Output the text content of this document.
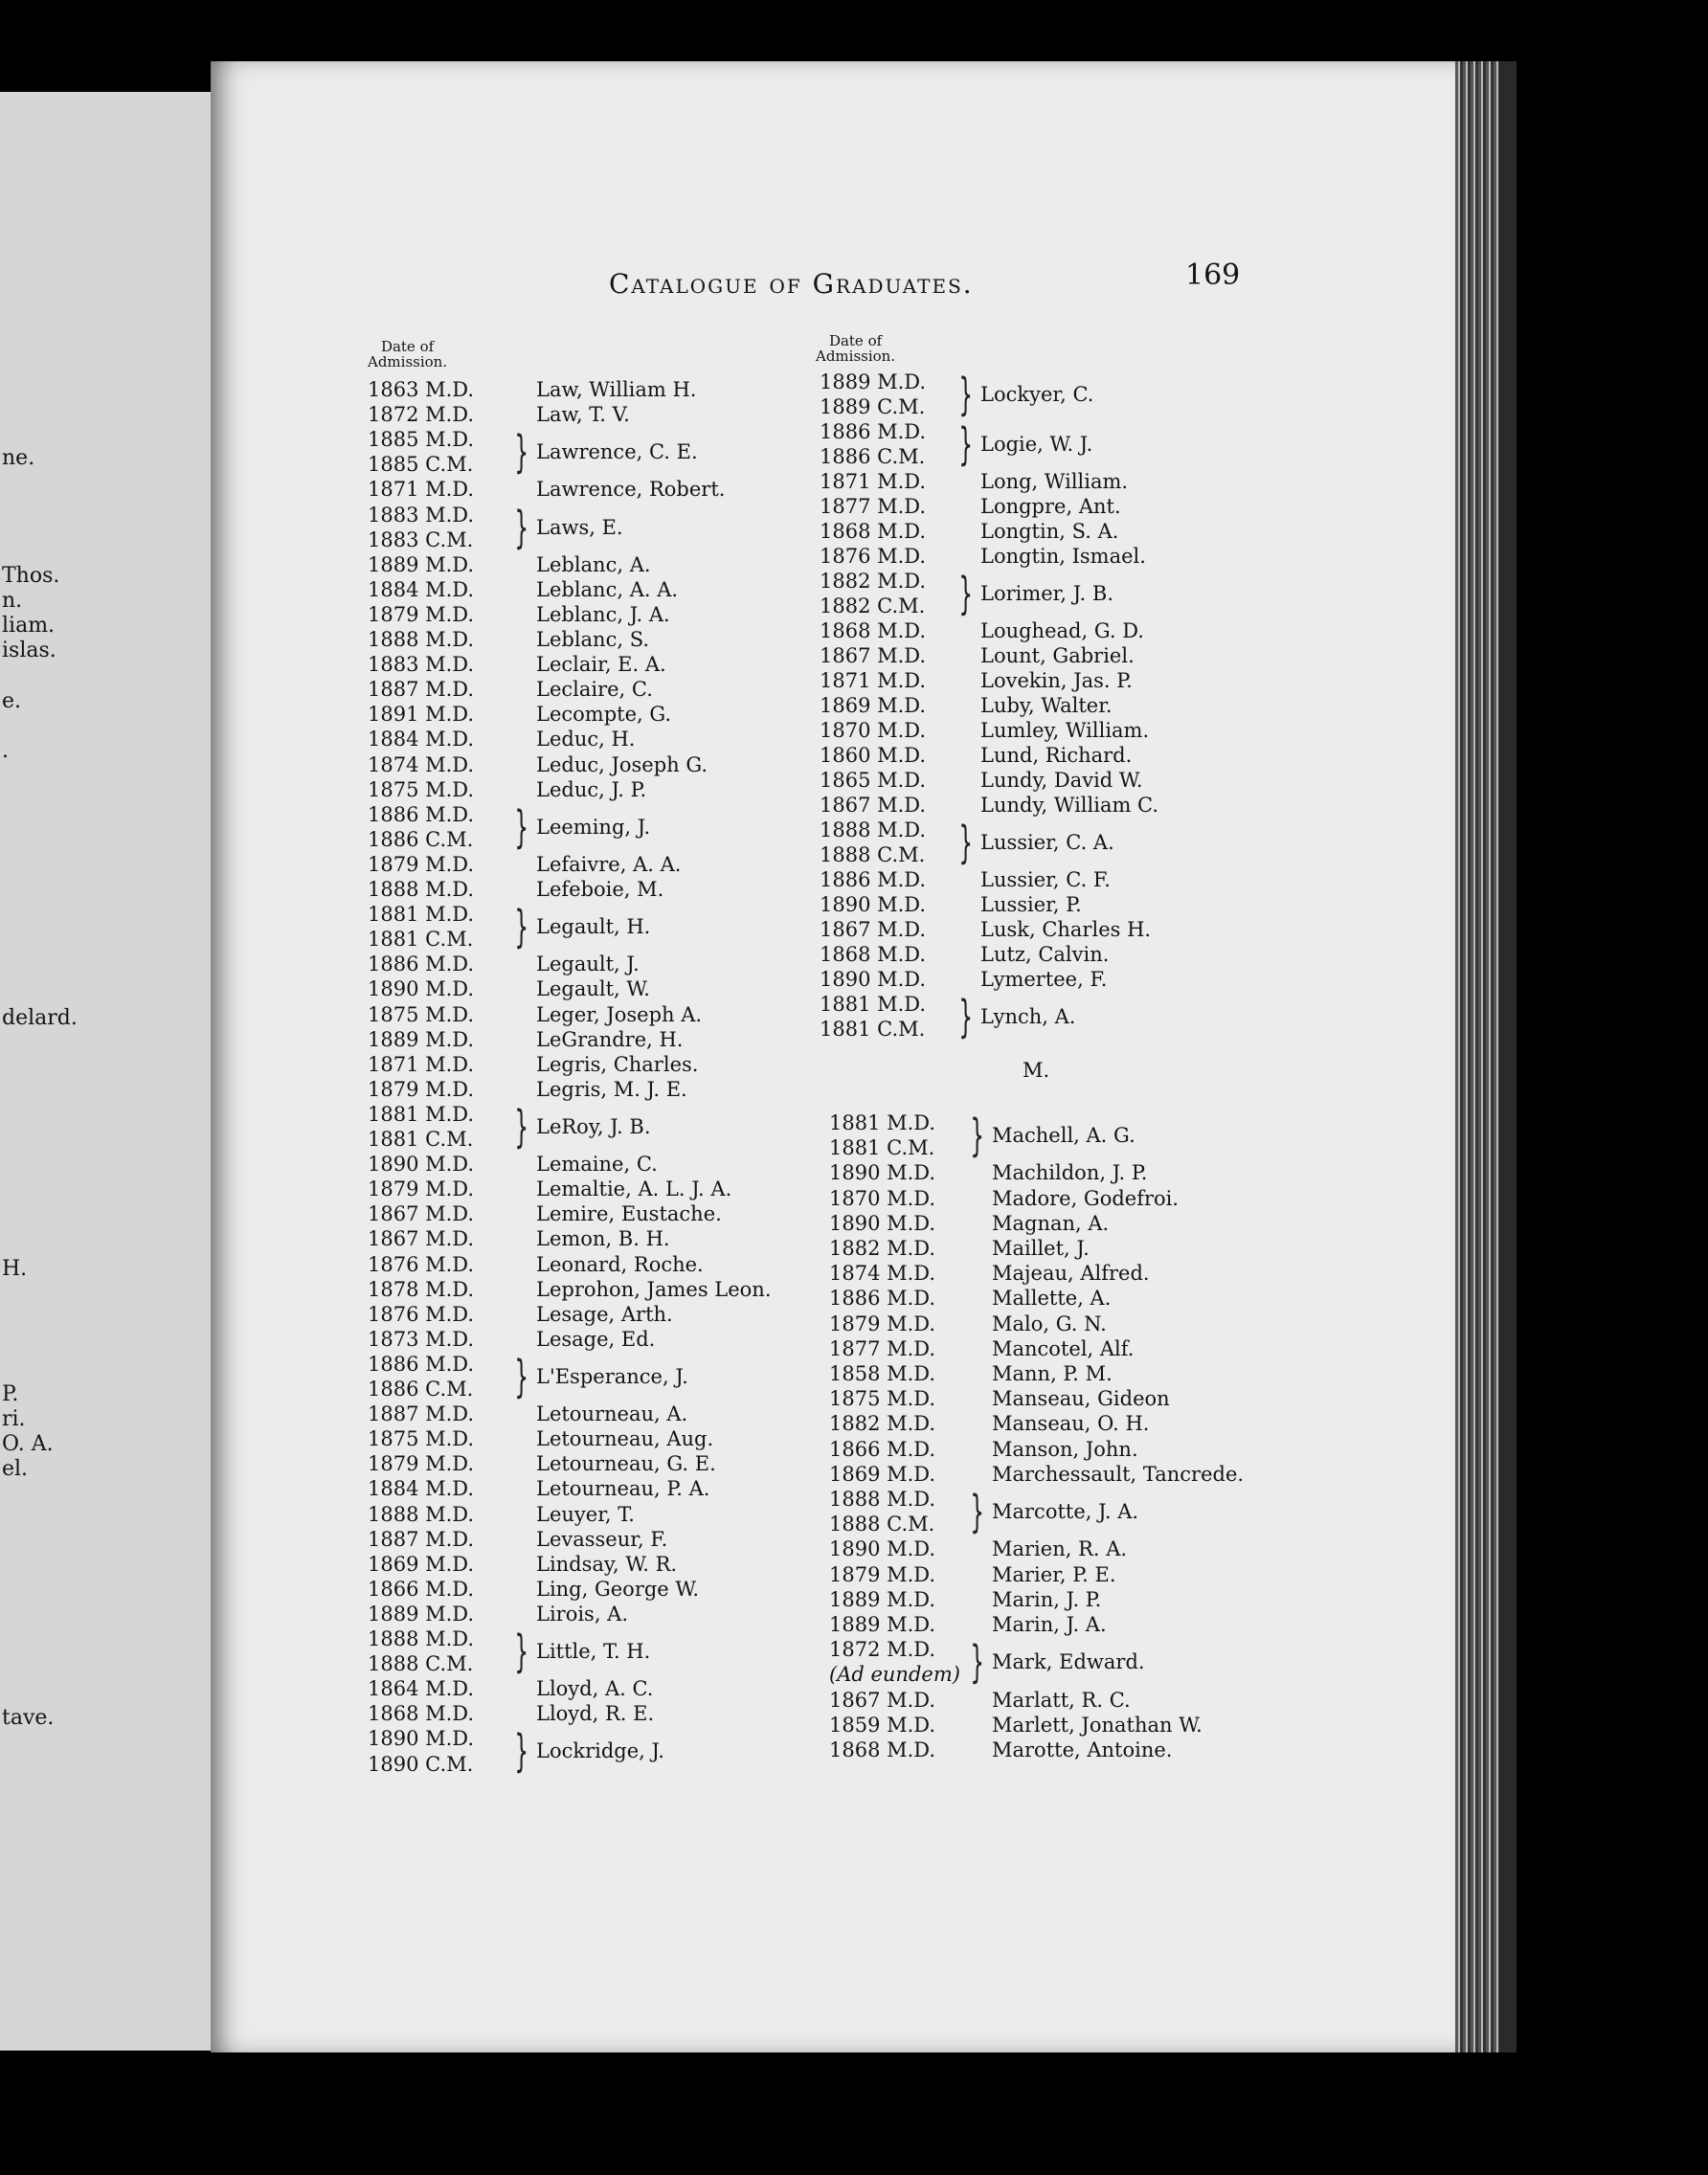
ne.
Thos.
n.
liam.
islas.
e.
.
delard.
H.
P.
ri.
O. A.
el.
tave.
Catalogue of Graduates.	169
Date of
Admission.
Date of
Admission.
1863 M.D.	Law, William H.
1872 M.D.	Law, T. V.
1885 M.D.
1885 C.M. } Lawrence, C. E.
1871 M.D.	Lawrence, Robert.
1883 M.D.
1883 C.M. } Laws, E.
1889 M.D.	Leblanc, A.
1884 M.D.	Leblanc, A. A.
1879 M.D.	Leblanc, J. A.
1888 M.D.	Leblanc, S.
1883 M.D.	Leclair, E. A.
1887 M.D.	Leclaire, C.
1891 M.D.	Lecompte, G.
1884 M.D.	Leduc, H.
1874 M.D.	Leduc, Joseph G.
1875 M.D.	Leduc, J. P.
1886 M.D.
1886 C.M. } Leeming, J.
1879 M.D.	Lefaivre, A. A.
1888 M.D.	Lefeboie, M.
1881 M.D.
1881 C.M. } Legault, H.
1886 M.D.	Legault, J.
1890 M.D.	Legault, W.
1875 M.D.	Leger, Joseph A.
1889 M.D.	LeGrandre, H.
1871 M.D.	Legris, Charles.
1879 M.D.	Legris, M. J. E.
1881 M.D.
1881 C.M. } LeRoy, J. B.
1890 M.D.	Lemaine, C.
1879 M.D.	Lemaltie, A. L. J. A.
1867 M.D.	Lemire, Eustache.
1867 M.D.	Lemon, B. H.
1876 M.D.	Leonard, Roche.
1878 M.D.	Leprohon, James Leon.
1876 M.D.	Lesage, Arth.
1873 M.D.	Lesage, Ed.
1886 M.D.
1886 C.M. } L'Esperance, J.
1887 M.D.	Letourneau, A.
1875 M.D.	Letourneau, Aug.
1879 M.D.	Letourneau, G. E.
1884 M.D.	Letourneau, P. A.
1888 M.D.	Leuyer, T.
1887 M.D.	Levasseur, F.
1869 M.D.	Lindsay, W. R.
1866 M.D.	Ling, George W.
1889 M.D.	Lirois, A.
1888 M.D.
1888 C.M. } Little, T. H.
1864 M.D.	Lloyd, A. C.
1868 M.D.	Lloyd, R. E.
1890 M.D.
1890 C.M. } Lockridge, J.
1889 M.D.
1889 C.M. } Lockyer, C.
1886 M.D.
1886 C.M. } Logie, W. J.
1871 M.D.	Long, William.
1877 M.D.	Longpre, Ant.
1868 M.D.	Longtin, S. A.
1876 M.D.	Longtin, Ismael.
1882 M.D.
1882 C.M. } Lorimer, J. B.
1868 M.D.	Loughead, G. D.
1867 M.D.	Lount, Gabriel.
1871 M.D.	Lovekin, Jas. P.
1869 M.D.	Luby, Walter.
1870 M.D.	Lumley, William.
1860 M.D.	Lund, Richard.
1865 M.D.	Lundy, David W.
1867 M.D.	Lundy, William C.
1888 M.D.
1888 C.M. } Lussier, C. A.
1886 M.D.	Lussier, C. F.
1890 M.D.	Lussier, P.
1867 M.D.	Lusk, Charles H.
1868 M.D.	Lutz, Calvin.
1890 M.D.	Lymertee, F.
1881 M.D.
1881 C.M. } Lynch, A.
1881 M.D.
1881 C.M. } Machell, A. G.
1890 M.D.	Machildon, J. P.
1870 M.D.	Madore, Godefroi.
1890 M.D.	Magnan, A.
1882 M.D.	Maillet, J.
1874 M.D.	Majeau, Alfred.
1886 M.D.	Mallette, A.
1879 M.D.	Malo, G. N.
1877 M.D.	Mancotel, Alf.
1858 M.D.	Mann, P. M.
1875 M.D.	Manseau, Gideon
1882 M.D.	Manseau, O. H.
1866 M.D.	Manson, John.
1869 M.D.	Marchessault, Tancrede.
1888 M.D.
1888 C.M. } Marcotte, J. A.
1890 M.D.	Marien, R. A.
1879 M.D.	Marier, P. E.
1889 M.D.	Marin, J. P.
1889 M.D.	Marin, J. A.
1872 M.D.
(Ad eundem) } Mark, Edward.
1867 M.D.	Marlatt, R. C.
1859 M.D.	Marlett, Jonathan W.
1868 M.D.	Marotte, Antoine.
M.
